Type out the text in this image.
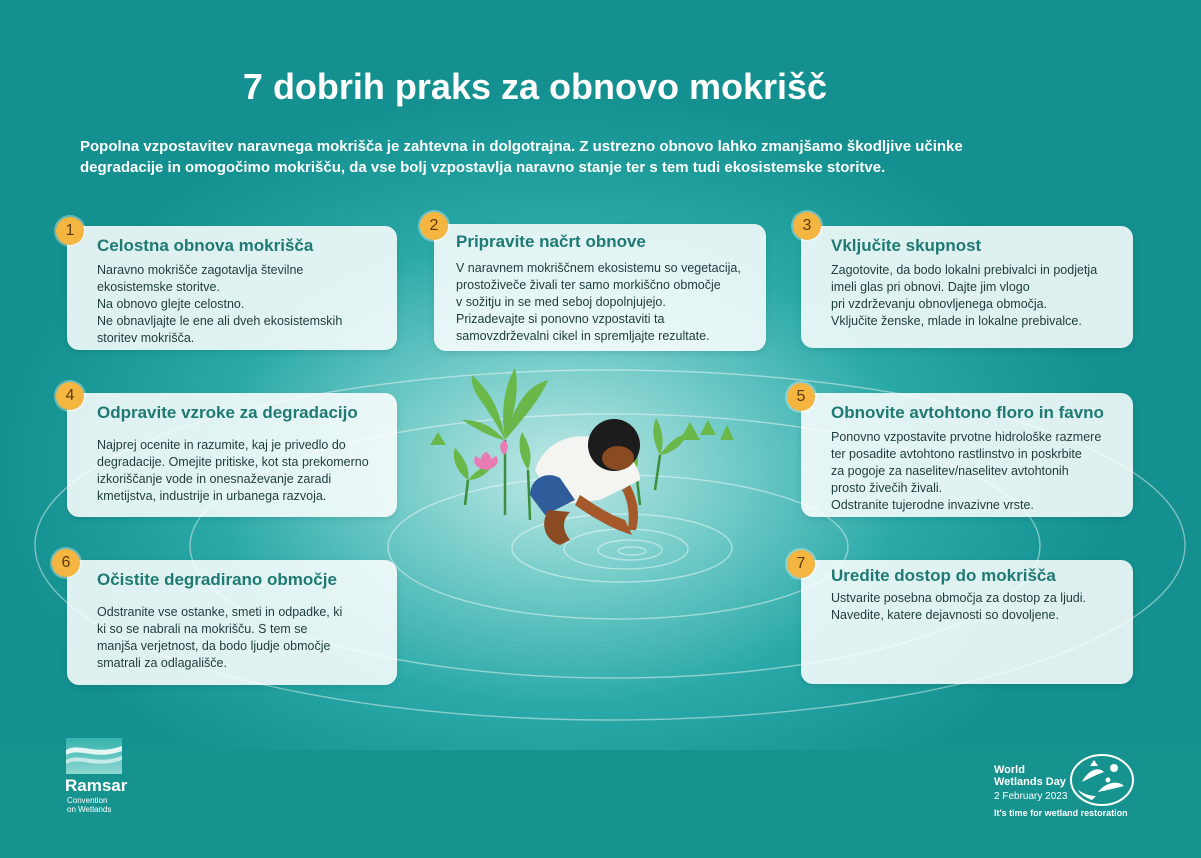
7 dobrih praks za obnovo mokrišč

Popolna vzpostavitev naravnega mokrišča je zahtevna in dolgotrajna. Z ustrezno obnovo lahko zmanjšamo škodljive učinke
degradacije in omogočimo mokrišču, da vse bolj vzpostavlja naravno stanje ter s tem tudi ekosistemske storitve.

Celostna obnova mokrišča
Naravno mokrišče zagotavlja številne
ekosistemske storitve.
Na obnovo glejte celostno.
Ne obnavljajte le ene ali dveh ekosistemskih
storitev mokrišča.
1
Pripravite načrt obnove
V naravnem mokriščnem ekosistemu so vegetacija,
prostoživeče živali ter samo morkiščno območje
v sožitju in se med seboj dopolnjujejo.
Prizadevajte si ponovno vzpostaviti ta
samovzdrževalni cikel in spremljajte rezultate.
2
Vključite skupnost
Zagotovite, da bodo lokalni prebivalci in podjetja
imeli glas pri obnovi. Dajte jim vlogo
pri vzdrževanju obnovljenega območja.
Vključite ženske, mlade in lokalne prebivalce.
3
Odpravite vzroke za degradacijo
Najprej ocenite in razumite, kaj je privedlo do
degradacije. Omejite pritiske, kot sta prekomerno
izkoriščanje vode in onesnaževanje zaradi
kmetijstva, industrije in urbanega razvoja.
4
Obnovite avtohtono floro in favno
Ponovno vzpostavite prvotne hidrološke razmere
ter posadite avtohtono rastlinstvo in poskrbite
za pogoje za naselitev/naselitev avtohtonih
prosto živečih živali.
Odstranite tujerodne invazivne vrste.
5
Očistite degradirano območje
Odstranite vse ostanke, smeti in odpadke, ki
ki so se nabrali na mokrišču. S tem se
manjša verjetnost, da bodo ljudje območje
smatrali za odlagališče.
6
Uredite dostop do mokrišča
Ustvarite posebna območja za dostop za ljudi.
Navedite, katere dejavnosti so dovoljene.
7
Ramsar
Convention
on Wetlands
World
Wetlands Day
2 February 2023
It's time for wetland restoration
